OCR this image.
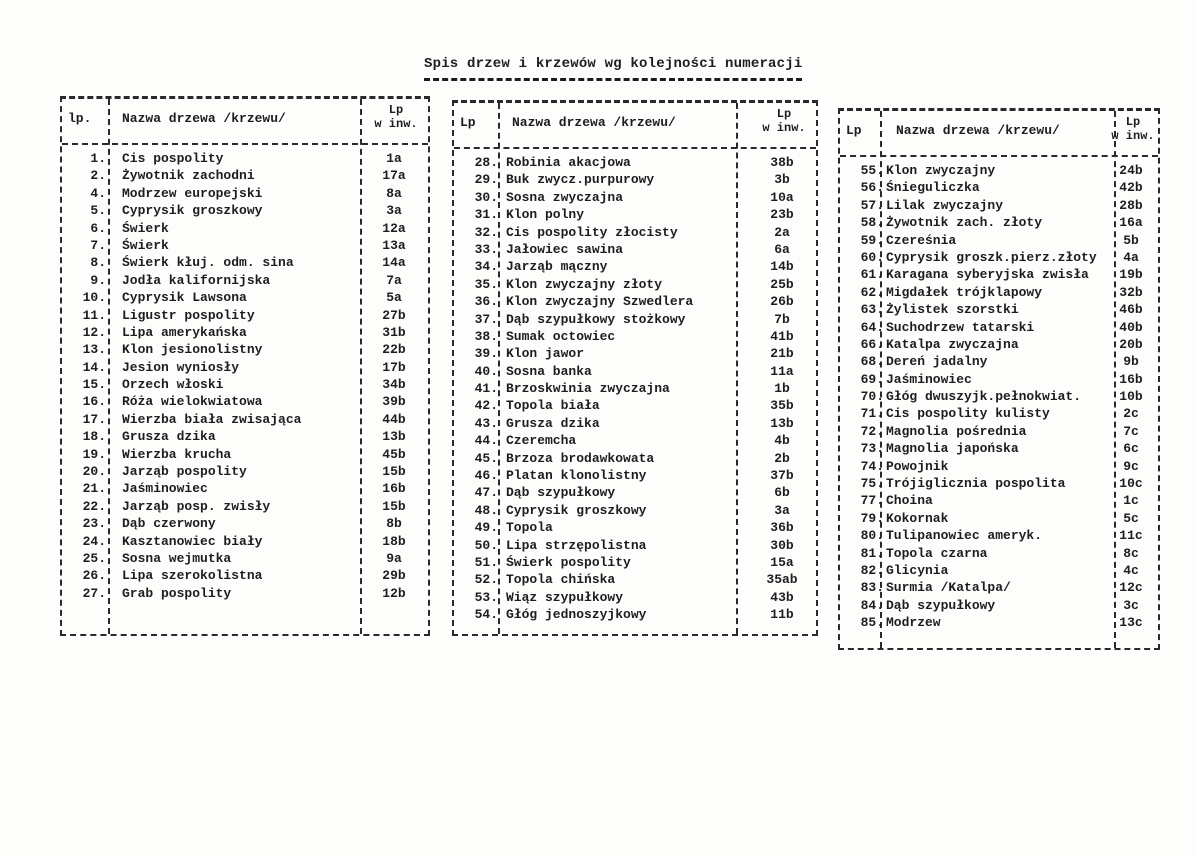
Spis drzew i krzewów wg kolejności numeracji
lp. Nazwa drzewa /krzewu/
Lp
w inw.
1. Cis pospolity	1a
2. Żywotnik zachodni	17a
4. Modrzew europejski	8a
5. Cyprysik groszkowy	3a
6. Świerk	12a
7. Świerk	13a
8. Świerk kłuj. odm. sina	14a
9. Jodła kalifornijska	7a
10. Cyprysik Lawsona	5a
11. Ligustr pospolity	27b
12. Lipa amerykańska	31b
13. Klon jesionolistny	22b
14. Jesion wyniosły	17b
15. Orzech włoski	34b
16. Róża wielokwiatowa	39b
17. Wierzba biała zwisająca	44b
18. Grusza dzika	13b
19. Wierzba krucha	45b
20. Jarząb pospolity	15b
21. Jaśminowiec	16b
22. Jarząb posp. zwisły	15b
23. Dąb czerwony	8b
24. Kasztanowiec biały	18b
25. Sosna wejmutka	9a
26. Lipa szerokolistna	29b
27. Grab pospolity	12b
Lp	Nazwa drzewa /krzewu/
Lp
w inw.
28. Robinia akacjowa	38b
29. Buk zwycz.purpurowy	3b
30. Sosna zwyczajna	10a
31. Klon polny	23b
32. Cis pospolity złocisty	2a
33. Jałowiec sawina	6a
34. Jarząb mączny	14b
35. Klon zwyczajny złoty	25b
36. Klon zwyczajny Szwedlera	26b
37. Dąb szypułkowy stożkowy	7b
38. Sumak octowiec	41b
39. Klon jawor	21b
40. Sosna banka	11a
41. Brzoskwinia zwyczajna	1b
42. Topola biała	35b
43. Grusza dzika	13b
44. Czeremcha	4b
45. Brzoza brodawkowata	2b
46. Platan klonolistny	37b
47. Dąb szypułkowy	6b
48. Cyprysik groszkowy	3a
49. Topola	36b
50. Lipa strzępolistna	30b
51. Świerk pospolity	15a
52. Topola chińska	35ab
53. Wiąz szypułkowy	43b
54. Głóg jednoszyjkowy	11b
Lp	Nazwa drzewa /krzewu/
Lp
w inw.
55. Klon zwyczajny	24b
56. Śnieguliczka	42b
57. Lilak zwyczajny	28b
58. Żywotnik zach. złoty	16a
59. Czereśnia	5b
60. Cyprysik groszk.pierz.złoty	4a
61. Karagana syberyjska zwisła	19b
62. Migdałek trójklapowy	32b
63. Żylistek szorstki	46b
64. Suchodrzew tatarski	40b
66. Katalpa zwyczajna	20b
68. Dereń jadalny	9b
69. Jaśminowiec	16b
70. Głóg dwuszyjk.pełnokwiat.	10b
71. Cis pospolity kulisty	2c
72. Magnolia pośrednia	7c
73. Magnolia japońska	6c
74. Powojnik	9c
75. Trójiglicznia pospolita	10c
77. Choina	1c
79. Kokornak	5c
80. Tulipanowiec ameryk.	11c
81. Topola czarna	8c
82. Glicynia	4c
83. Surmia /Katalpa/	12c
84. Dąb szypułkowy	3c
85. Modrzew	13c
